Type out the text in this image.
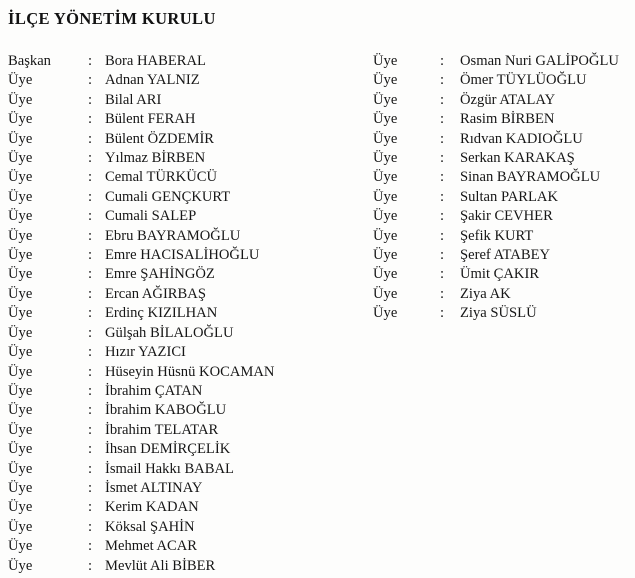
İLÇE YÖNETİM KURULU
Başkan	: Bora HABERAL
Üye	: Adnan YALNIZ
Üye	: Bilal ARI
Üye	: Bülent FERAH
Üye	: Bülent ÖZDEMİR
Üye	: Yılmaz BİRBEN
Üye	: Cemal TÜRKÜCÜ
Üye	: Cumali GENÇKURT
Üye	: Cumali SALEP
Üye	: Ebru BAYRAMOĞLU
Üye	: Emre HACISALİHOĞLU
Üye	: Emre ŞAHİNGÖZ
Üye	: Ercan AĞIRBAŞ
Üye	: Erdinç KIZILHAN
Üye	: Gülşah BİLALOĞLU
Üye	: Hızır YAZICI
Üye	: Hüseyin Hüsnü KOCAMAN
Üye	: İbrahim ÇATAN
Üye	: İbrahim KABOĞLU
Üye	: İbrahim TELATAR
Üye	: İhsan DEMİRÇELİK
Üye	: İsmail Hakkı BABAL
Üye	: İsmet ALTINAY
Üye	: Kerim KADAN
Üye	: Köksal ŞAHİN
Üye	: Mehmet ACAR
Üye	: Mevlüt Ali BİBER
Üye	:	Osman Nuri GALİPOĞLU
Üye	:	Ömer TÜYLÜOĞLU
Üye	:	Özgür ATALAY
Üye	:	Rasim BİRBEN
Üye	:	Rıdvan KADIOĞLU
Üye	:	Serkan KARAKAŞ
Üye	:	Sinan BAYRAMOĞLU
Üye	:	Sultan PARLAK
Üye	:	Şakir CEVHER
Üye	:	Şefik KURT
Üye	:	Şeref ATABEY
Üye	:	Ümit ÇAKIR
Üye	:	Ziya AK
Üye	:	Ziya SÜSLÜ
